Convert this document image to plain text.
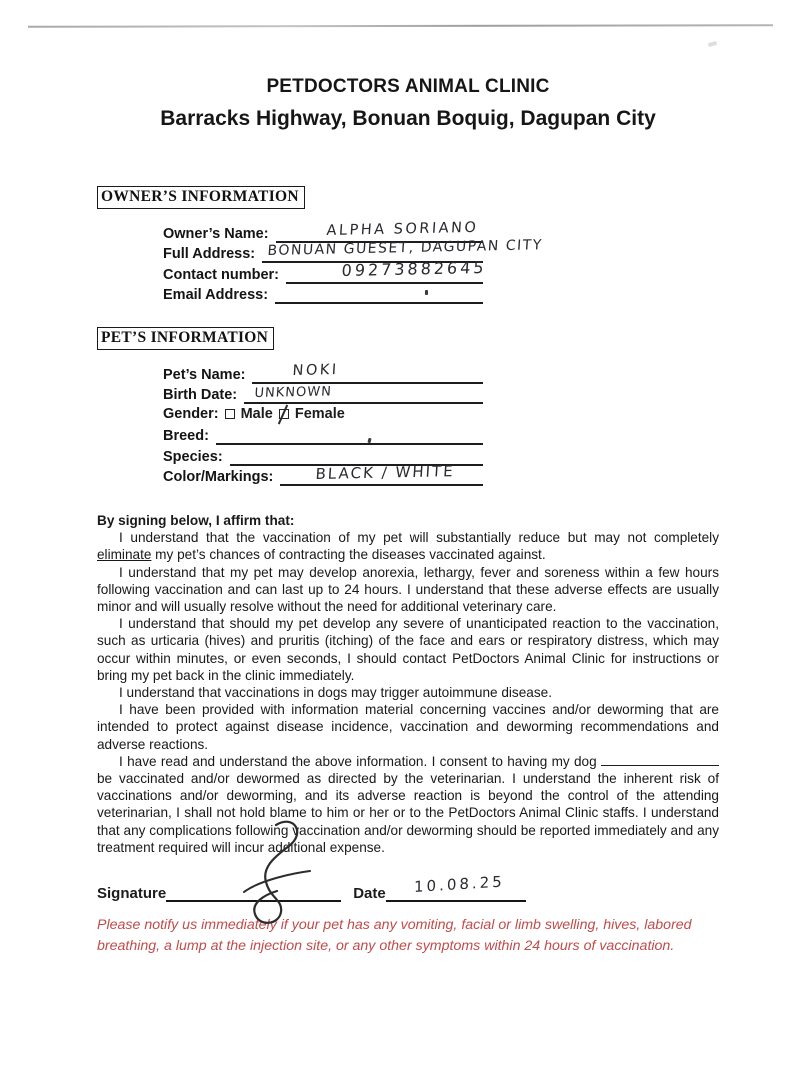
PETDOCTORS ANIMAL CLINIC
Barracks Highway, Bonuan Boquig, Dagupan City
OWNER’S INFORMATION
Owner’s Name:	ALPHA SORIANO
Full Address: BONUAN GUESET, DAGUPAN CITY
Contact number:	09273882645
Email Address:
PET’S INFORMATION
Pet’s Name:	NOKI
Birth Date: UNKNOWN
Gender: Male Female
Breed:
Species:
Color/Markings:	BLACK / WHITE
By signing below, I affirm that:

I understand that the vaccination of my pet will substantially reduce but may not completely eliminate my pet’s chances of contracting the diseases vaccinated against.

I understand that my pet may develop anorexia, lethargy, fever and soreness within a few hours following vaccination and can last up to 24 hours. I understand that these adverse effects are usually minor and will usually resolve without the need for additional veterinary care.

I understand that should my pet develop any severe of unanticipated reaction to the vaccination, such as urticaria (hives) and pruritis (itching) of the face and ears or respiratory distress, which may occur within minutes, or even seconds, I should contact PetDoctors Animal Clinic for instructions or bring my pet back in the clinic immediately.

I understand that vaccinations in dogs may trigger autoimmune disease.

I have been provided with information material concerning vaccines and/or deworming that are intended to protect against disease incidence, vaccination and deworming recommendations and adverse reactions.

I have read and understand the above information. I consent to having my dog  be vaccinated and/or dewormed as directed by the veterinarian. I understand the inherent risk of vaccinations and/or deworming, and its adverse reaction is beyond the control of the attending veterinarian, I shall not hold blame to him or her or to the PetDoctors Animal Clinic staffs. I understand that any complications following vaccination and/or deworming should be reported immediately and any treatment required will incur additional expense.

Signature	Date 10.08.25
Please notify us immediately if your pet has any vomiting, facial or limb swelling, hives, labored breathing, a lump at the injection site, or any other symptoms within 24 hours of vaccination.
